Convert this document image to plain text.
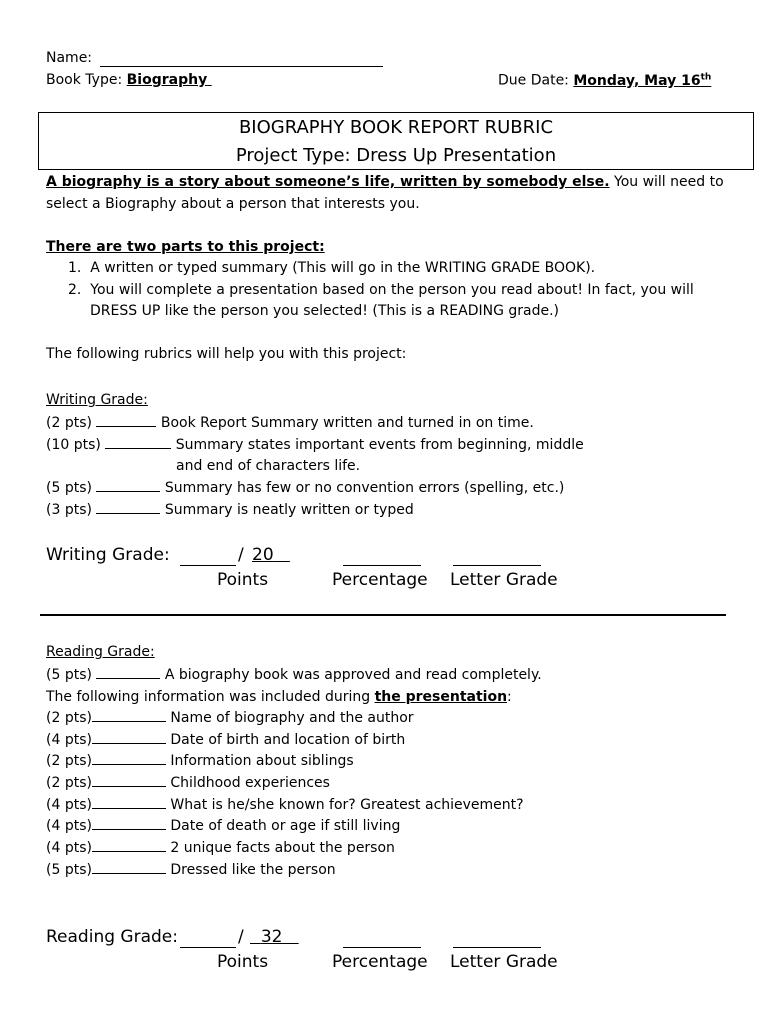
Name:
Book Type: Biography	Due Date: Monday, May 16th
BIOGRAPHY BOOK REPORT RUBRIC
Project Type: Dress Up Presentation
A biography is a story about someone’s life, written by somebody else. You will need to select a Biography about a person that interests you.
There are two parts to this project:
1. A written or typed summary (This will go in the WRITING GRADE BOOK).
2. You will complete a presentation based on the person you read about! In fact, you will
DRESS UP like the person you selected! (This is a READING grade.)
The following rubrics will help you with this project:
Writing Grade:
(2 pts)	Book Report Summary written and turned in on time.
(10 pts)	Summary states important events from beginning, middle
and end of characters life.
(5 pts)	Summary has few or no convention errors (spelling, etc.)
(3 pts)	Summary is neatly written or typed
Writing Grade:	/ 20
Points	Percentage Letter Grade
Reading Grade:
(5 pts)	A biography book was approved and read completely.
The following information was included during the presentation:
(2 pts)	Name of biography and the author
(4 pts)	Date of birth and location of birth
(2 pts)	Information about siblings
(2 pts)	Childhood experiences
(4 pts)	What is he/she known for? Greatest achievement?
(4 pts)	Date of death or age if still living
(4 pts)	2 unique facts about the person
(5 pts)	Dressed like the person
Reading Grade:	/	32
Points	Percentage Letter Grade
